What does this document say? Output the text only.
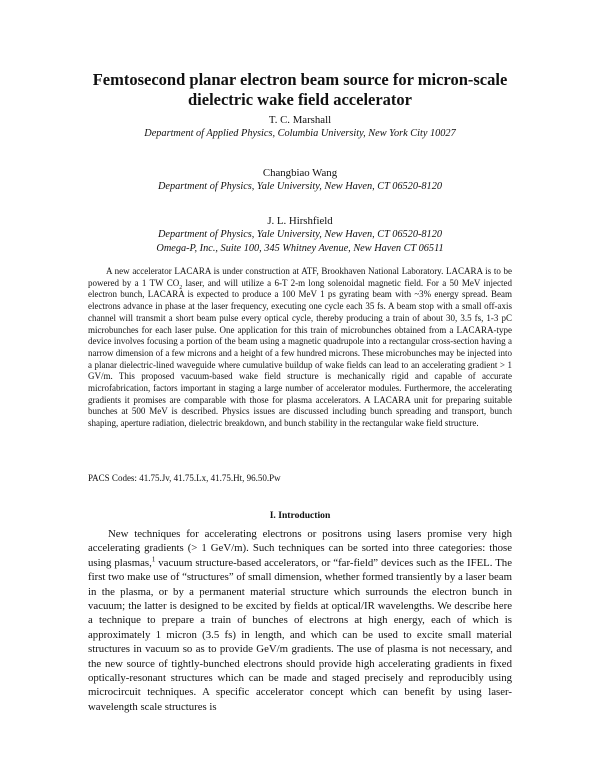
Femtosecond planar electron beam source for micron-scale
dielectric wake field accelerator
T. C. Marshall
Department of Applied Physics, Columbia University, New York City 10027
Changbiao Wang
Department of Physics, Yale University, New Haven, CT 06520-8120
J. L. Hirshfield
Department of Physics, Yale University, New Haven, CT 06520-8120
Omega-P, Inc., Suite 100, 345 Whitney Avenue, New Haven CT 06511

A new accelerator LACARA is under construction at ATF, Brookhaven National Laboratory. LACARA is to be powered by a 1 TW $CO_2$ laser, and will utilize a 6-T 2-m long solenoidal magnetic field. For a 50 MeV injected electron bunch, LACARA is expected to produce a 100 MeV 1 ps gyrating beam with ~3% energy spread. Beam electrons advance in phase at the laser frequency, executing one cycle each 35 fs. A beam stop with a small off-axis channel will transmit a short beam pulse every optical cycle, thereby producing a train of about 30, 3.5 fs, 1-3 pC microbunches for each laser pulse. One application for this train of microbunches obtained from a LACARA-type device involves focusing a portion of the beam using a magnetic quadrupole into a rectangular cross-section having a narrow dimension of a few microns and a height of a few hundred microns. These microbunches may be injected into a planar dielectric-lined waveguide where cumulative buildup of wake fields can lead to an accelerating gradient > 1 GV/m. This proposed vacuum-based wake field structure is mechanically rigid and capable of accurate microfabrication, factors important in staging a large number of accelerator modules. Furthermore, the accelerating gradients it promises are comparable with those for plasma accelerators. A LACARA unit for preparing suitable bunches at 500 MeV is described. Physics issues are discussed including bunch spreading and transport, bunch shaping, aperture radiation, dielectric breakdown, and bunch stability in the rectangular wake field structure.

PACS Codes: 41.75.Jv, 41.75.Lx, 41.75.Ht, 96.50.Pw
I. Introduction

New techniques for accelerating electrons or positrons using lasers promise very high accelerating gradients (> 1 GeV/m). Such techniques can be sorted into three categories: those using plasmas,$^1$ vacuum structure-based accelerators, or “far-field” devices such as the IFEL. The first two make use of “structures” of small dimension, whether formed transiently by a laser beam in the plasma, or by a permanent material structure which surrounds the electron bunch in vacuum; the latter is designed to be excited by fields at optical/IR wavelengths. We describe here a technique to prepare a train of bunches of electrons at high energy, each of which is approximately 1 micron (3.5 fs) in length, and which can be used to excite small material structures in vacuum so as to provide GeV/m gradients. The use of plasma is not necessary, and the new source of tightly-bunched electrons should provide high accelerating gradients in fixed optically-resonant structures which can be made and staged precisely and reproducibly using microcircuit techniques. A specific accelerator concept which can benefit by using laser-wavelength scale structures is
